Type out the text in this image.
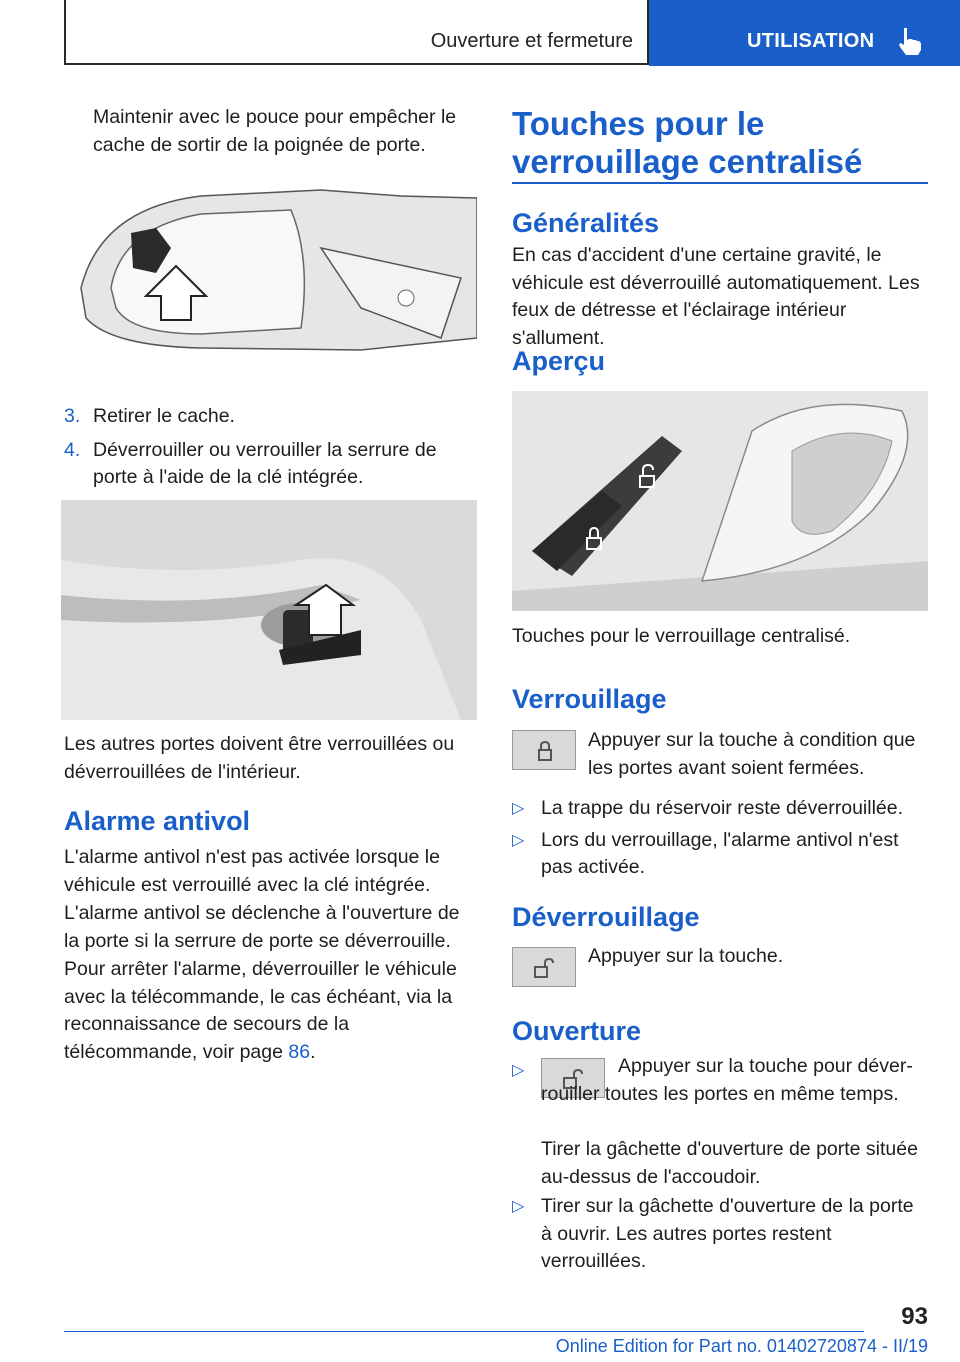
Ouverture et fermeture	UTILISATION
Maintenir avec le pouce pour empêcher le cache de sortir de la poignée de porte.
3. Retirer le cache.
4. Déverrouiller ou verrouiller la serrure de porte à l'aide de la clé intégrée.
Les autres portes doivent être verrouillées ou déverrouillées de l'intérieur.
Alarme antivol
L'alarme antivol n'est pas activée lorsque le véhicule est verrouillé avec la clé intégrée.
L'alarme antivol se déclenche à l'ouverture de la porte si la serrure de porte se déverrouille.
Pour arrêter l'alarme, déverrouiller le véhicule avec la télécommande, le cas échéant, via la reconnaissance de secours de la télécommande, voir page 86.
Touches pour le verrouillage centralisé
Généralités
En cas d'accident d'une certaine gravité, le véhicule est déverrouillé automatiquement. Les feux de détresse et l'éclairage intérieur s'allument.
Aperçu
Touches pour le verrouillage centralisé.
Verrouillage
Appuyer sur la touche à condition que les portes avant soient fermées.
▷ La trappe du réservoir reste déverrouillée.
▷ Lors du verrouillage, l'alarme antivol n'est pas activée.
Déverrouillage
Appuyer sur la touche.
Ouverture
▷	Appuyer sur la touche pour déverrouiller toutes les portes en même temps.
Tirer la gâchette d'ouverture de porte située au-dessus de l'accoudoir.
▷ Tirer sur la gâchette d'ouverture de la porte à ouvrir. Les autres portes restent verrouillées.
93
Online Edition for Part no. 01402720874 - II/19
